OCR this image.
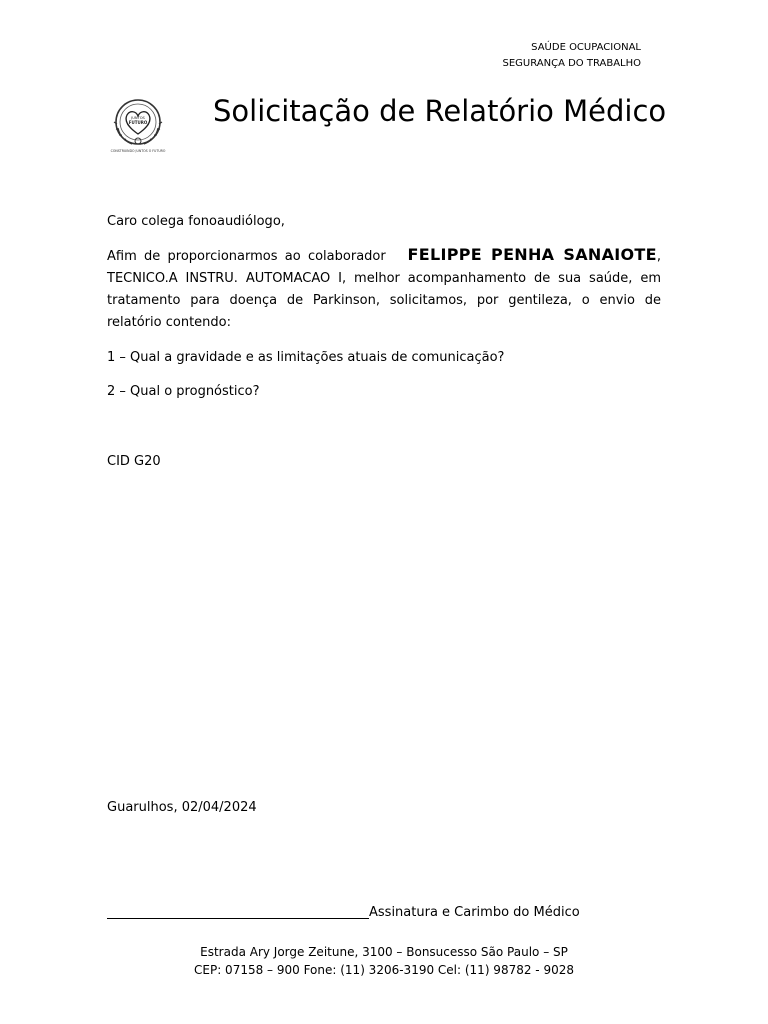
SAÚDE OCUPACIONAL
SEGURANÇA DO TRABALHO
JUNTOS
FUTURO
CONSTRUINDO JUNTOS O FUTURO
Solicitação de Relatório Médico
Caro colega fonoaudiólogo,
Afim de proporcionarmos ao colaborador FELIPPE PENHA SANAIOTE, TECNICO.A INSTRU. AUTOMACAO I, melhor acompanhamento de sua saúde, em tratamento para doença de Parkinson, solicitamos, por gentileza, o envio de relatório contendo:
1 – Qual a gravidade e as limitações atuais de comunicação?
2 – Qual o prognóstico?
CID G20
Guarulhos, 02/04/2024
Assinatura e Carimbo do Médico
Estrada Ary Jorge Zeitune, 3100 – Bonsucesso São Paulo – SP
CEP: 07158 – 900 Fone: (11) 3206-3190 Cel: (11) 98782 - 9028
